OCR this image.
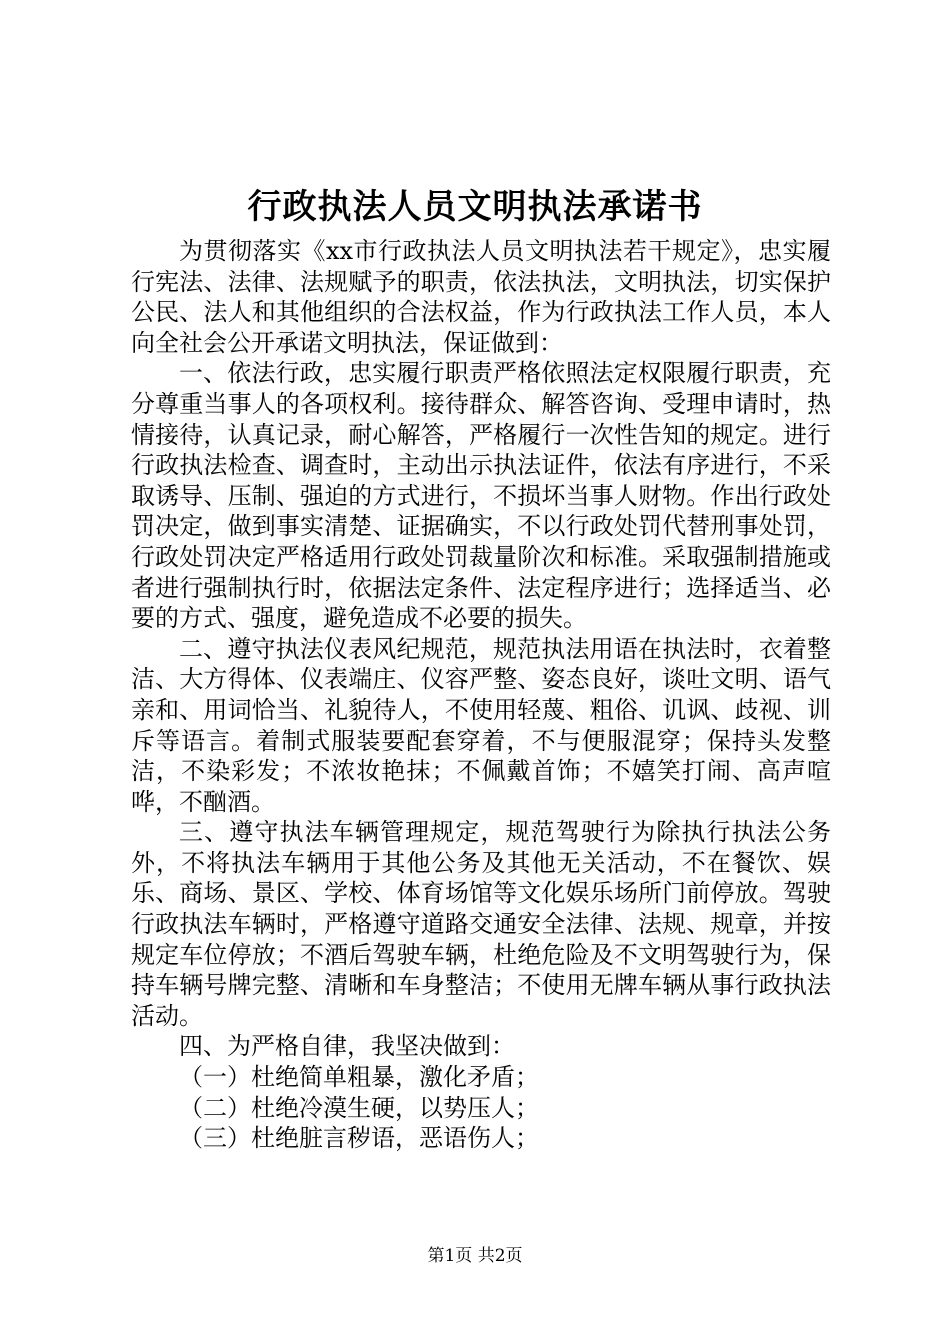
行政执法人员文明执法承诺书

为贯彻落实《xx市行政执法人员文明执法若干规定》，忠实履行宪法、法律、法规赋予的职责，依法执法，文明执法，切实保护公民、法人和其他组织的合法权益，作为行政执法工作人员，本人向全社会公开承诺文明执法，保证做到：

一、依法行政，忠实履行职责严格依照法定权限履行职责，充分尊重当事人的各项权利。接待群众、解答咨询、受理申请时，热情接待，认真记录，耐心解答，严格履行一次性告知的规定。进行行政执法检查、调查时，主动出示执法证件，依法有序进行，不采取诱导、压制、强迫的方式进行，不损坏当事人财物。作出行政处罚决定，做到事实清楚、证据确实，不以行政处罚代替刑事处罚，行政处罚决定严格适用行政处罚裁量阶次和标准。采取强制措施或者进行强制执行时，依据法定条件、法定程序进行；选择适当、必要的方式、强度，避免造成不必要的损失。

二、遵守执法仪表风纪规范，规范执法用语在执法时，衣着整洁、大方得体、仪表端庄、仪容严整、姿态良好，谈吐文明、语气亲和、用词恰当、礼貌待人，不使用轻蔑、粗俗、讥讽、歧视、训斥等语言。着制式服装要配套穿着，不与便服混穿；保持头发整洁，不染彩发；不浓妆艳抹；不佩戴首饰；不嬉笑打闹、高声喧哗，不酗酒。

三、遵守执法车辆管理规定，规范驾驶行为除执行执法公务外，不将执法车辆用于其他公务及其他无关活动，不在餐饮、娱乐、商场、景区、学校、体育场馆等文化娱乐场所门前停放。驾驶行政执法车辆时，严格遵守道路交通安全法律、法规、规章，并按规定车位停放；不酒后驾驶车辆，杜绝危险及不文明驾驶行为，保持车辆号牌完整、清晰和车身整洁；不使用无牌车辆从事行政执法活动。

四、为严格自律，我坚决做到：

（一）杜绝简单粗暴，激化矛盾；

（二）杜绝冷漠生硬，以势压人；

（三）杜绝脏言秽语，恶语伤人；

第1页 共2页
